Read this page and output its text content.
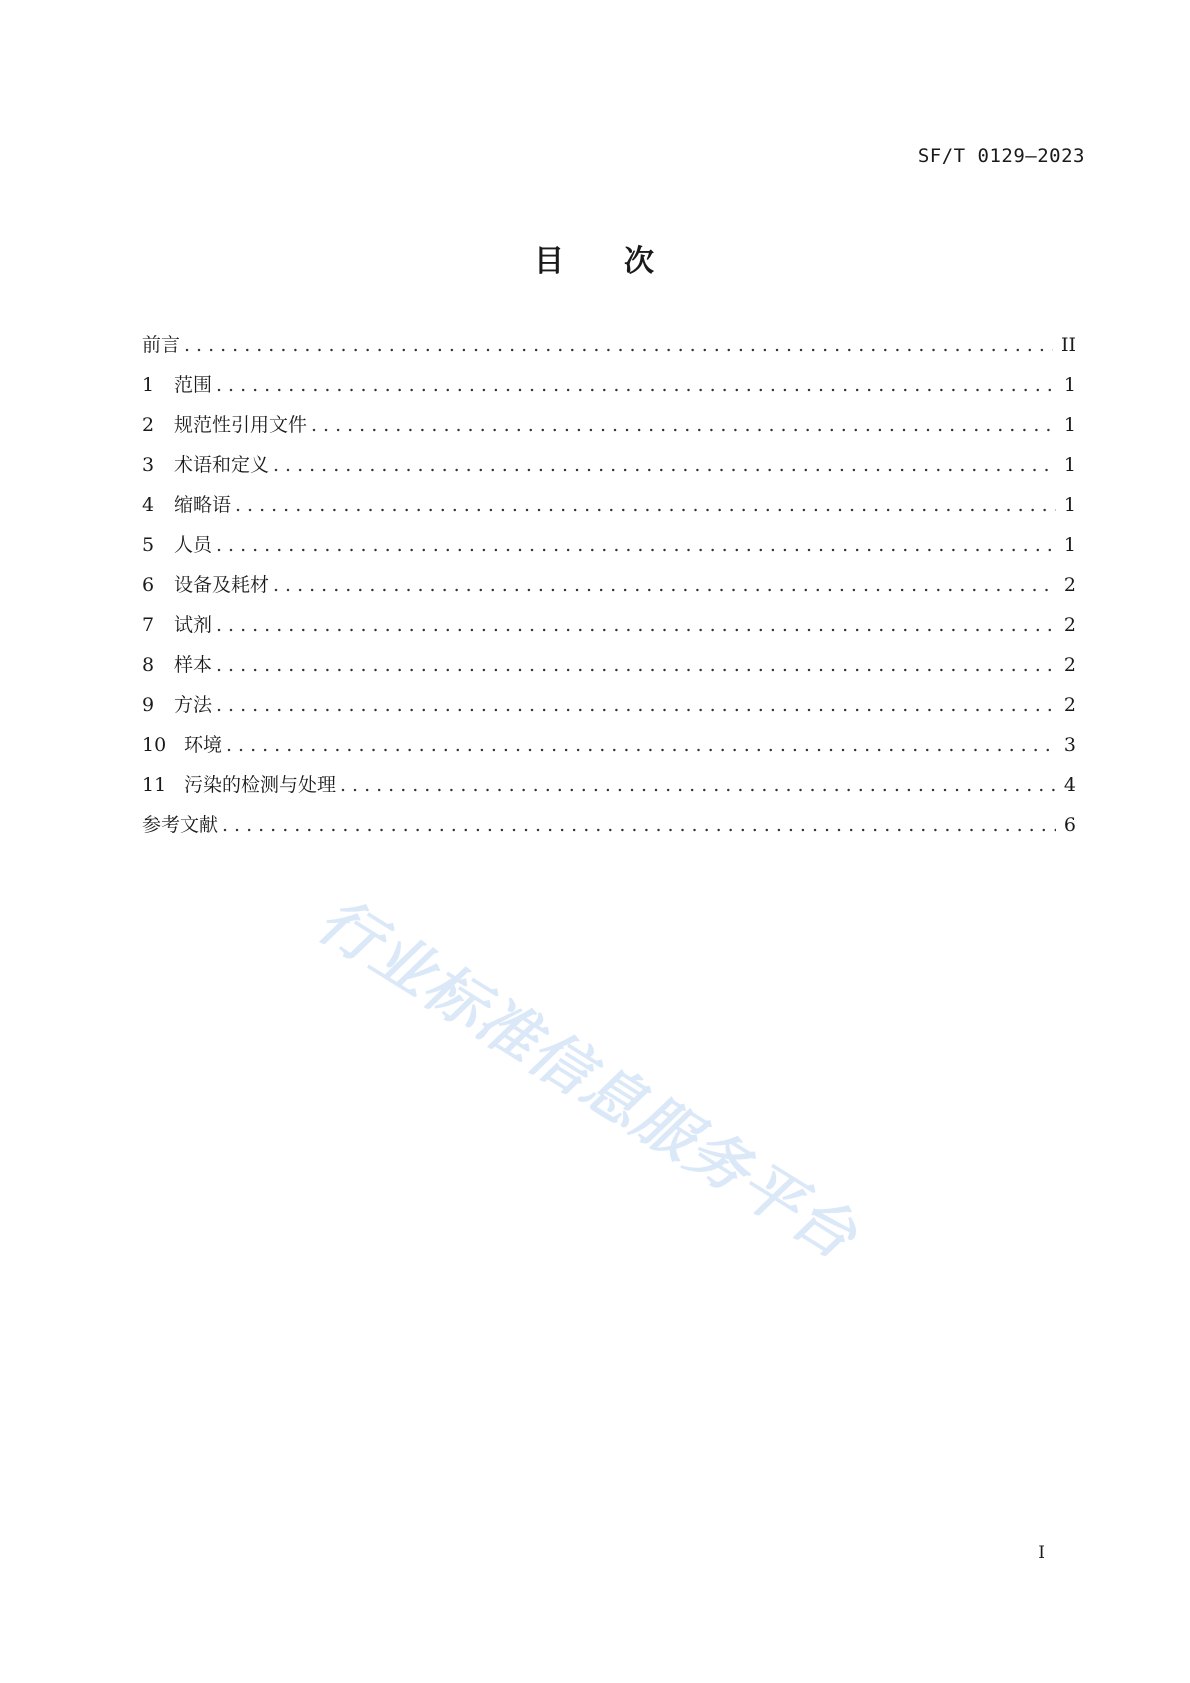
SF/T 0129—2023
目 次
前言 .....	II
1	范围 .....	1
2	规范性引用文件 .....	1
3	术语和定义 .....	1
4	缩略语 .....	1
5	人员 .....	1
6	设备及耗材 .....	2
7	试剂 .....	2
8	样本 .....	2
9	方法 .....	2
10 环境 .....	3
11 污染的检测与处理 .....	4
参考文献 .....	6
行业标准信息服务平台
I
